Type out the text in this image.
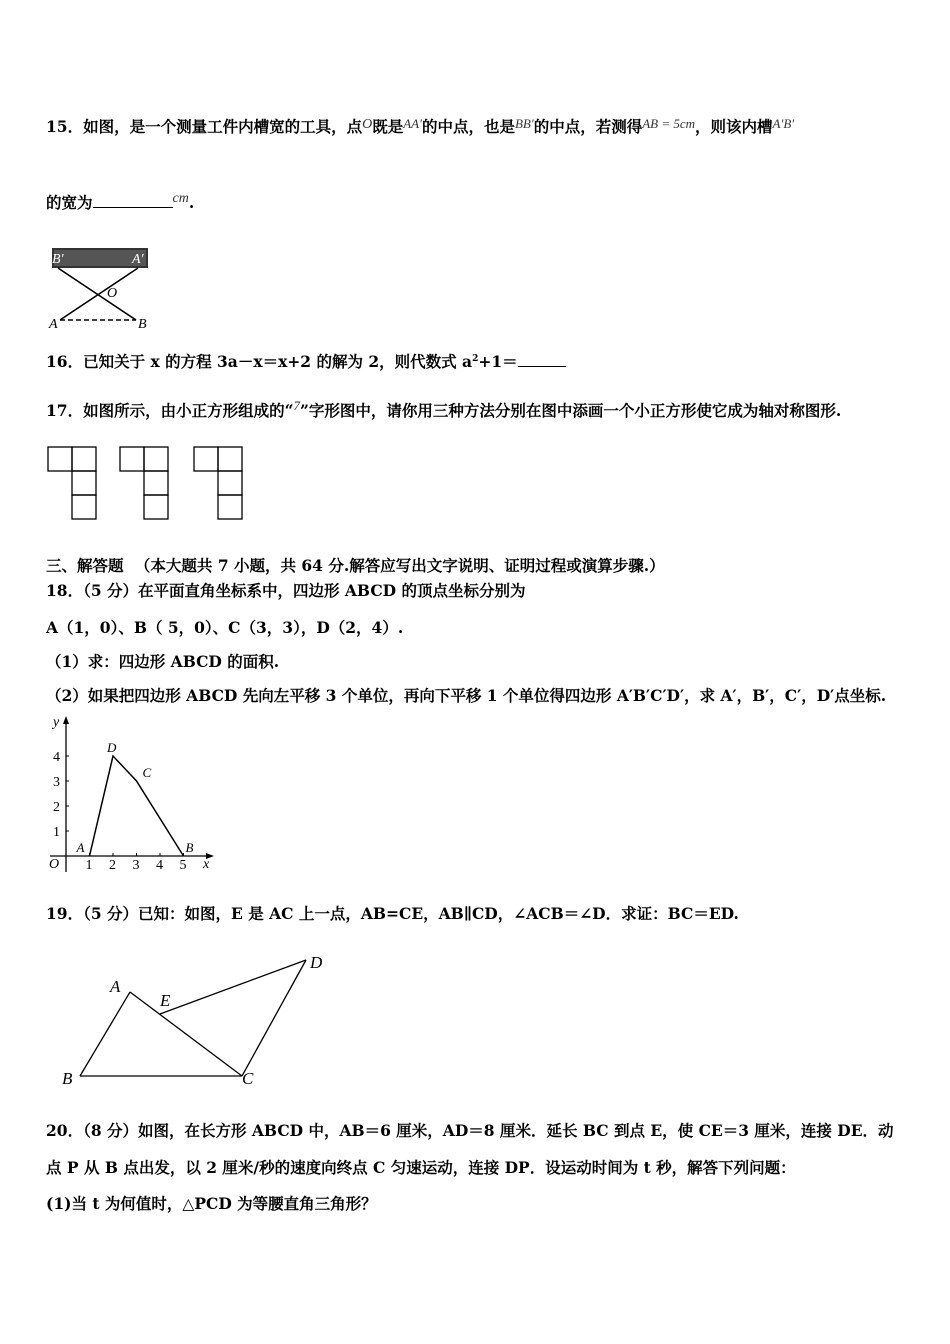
15．如图，是一个测量工件内槽宽的工具，点O既是$^{AA'}$的中点，也是$^{BB'}$的中点，若测得$^{AB = 5cm}$，则该内槽$^{A'B'}$
的宽为	cm.
B′	A′
O
A	B
16．已知关于 x 的方程 3a－x＝x+2 的解为 2，则代数式 $a^2+1=$
17．如图所示，由小正方形组成的“$^7$”字形图中，请你用三种方法分别在图中添画一个小正方形使它成为轴对称图形.
三、解答题 （本大题共 7 小题，共 64 分.解答应写出文字说明、证明过程或演算步骤.）
18．（5 分）在平面直角坐标系中，四边形 ABCD 的顶点坐标分别为
A（1，0）、B（ 5，0）、C（3，3），D（2，4）.
（1）求：四边形 ABCD 的面积.
（2）如果把四边形 ABCD 先向左平移 3 个单位，再向下平移 1 个单位得四边形 A′B′C′D′，求 A′，B′，C′，D′点坐标.
y
x
O 1 2 3 4 5
1
2
3
4
A
D
C
B
19．（5 分）已知：如图，E 是 AC 上一点，AB=CE，AB∥CD，∠ACB＝∠D．求证：BC＝ED.
A
E
D
B	C
20．（8 分）如图，在长方形 ABCD 中，AB＝6 厘米，AD＝8 厘米．延长 BC 到点 E，使 CE＝3 厘米，连接 DE．动
点 P 从 B 点出发，以 2 厘米/秒的速度向终点 C 匀速运动，连接 DP．设运动时间为 t 秒，解答下列问题：
(1)当 t 为何值时，△PCD 为等腰直角三角形？
